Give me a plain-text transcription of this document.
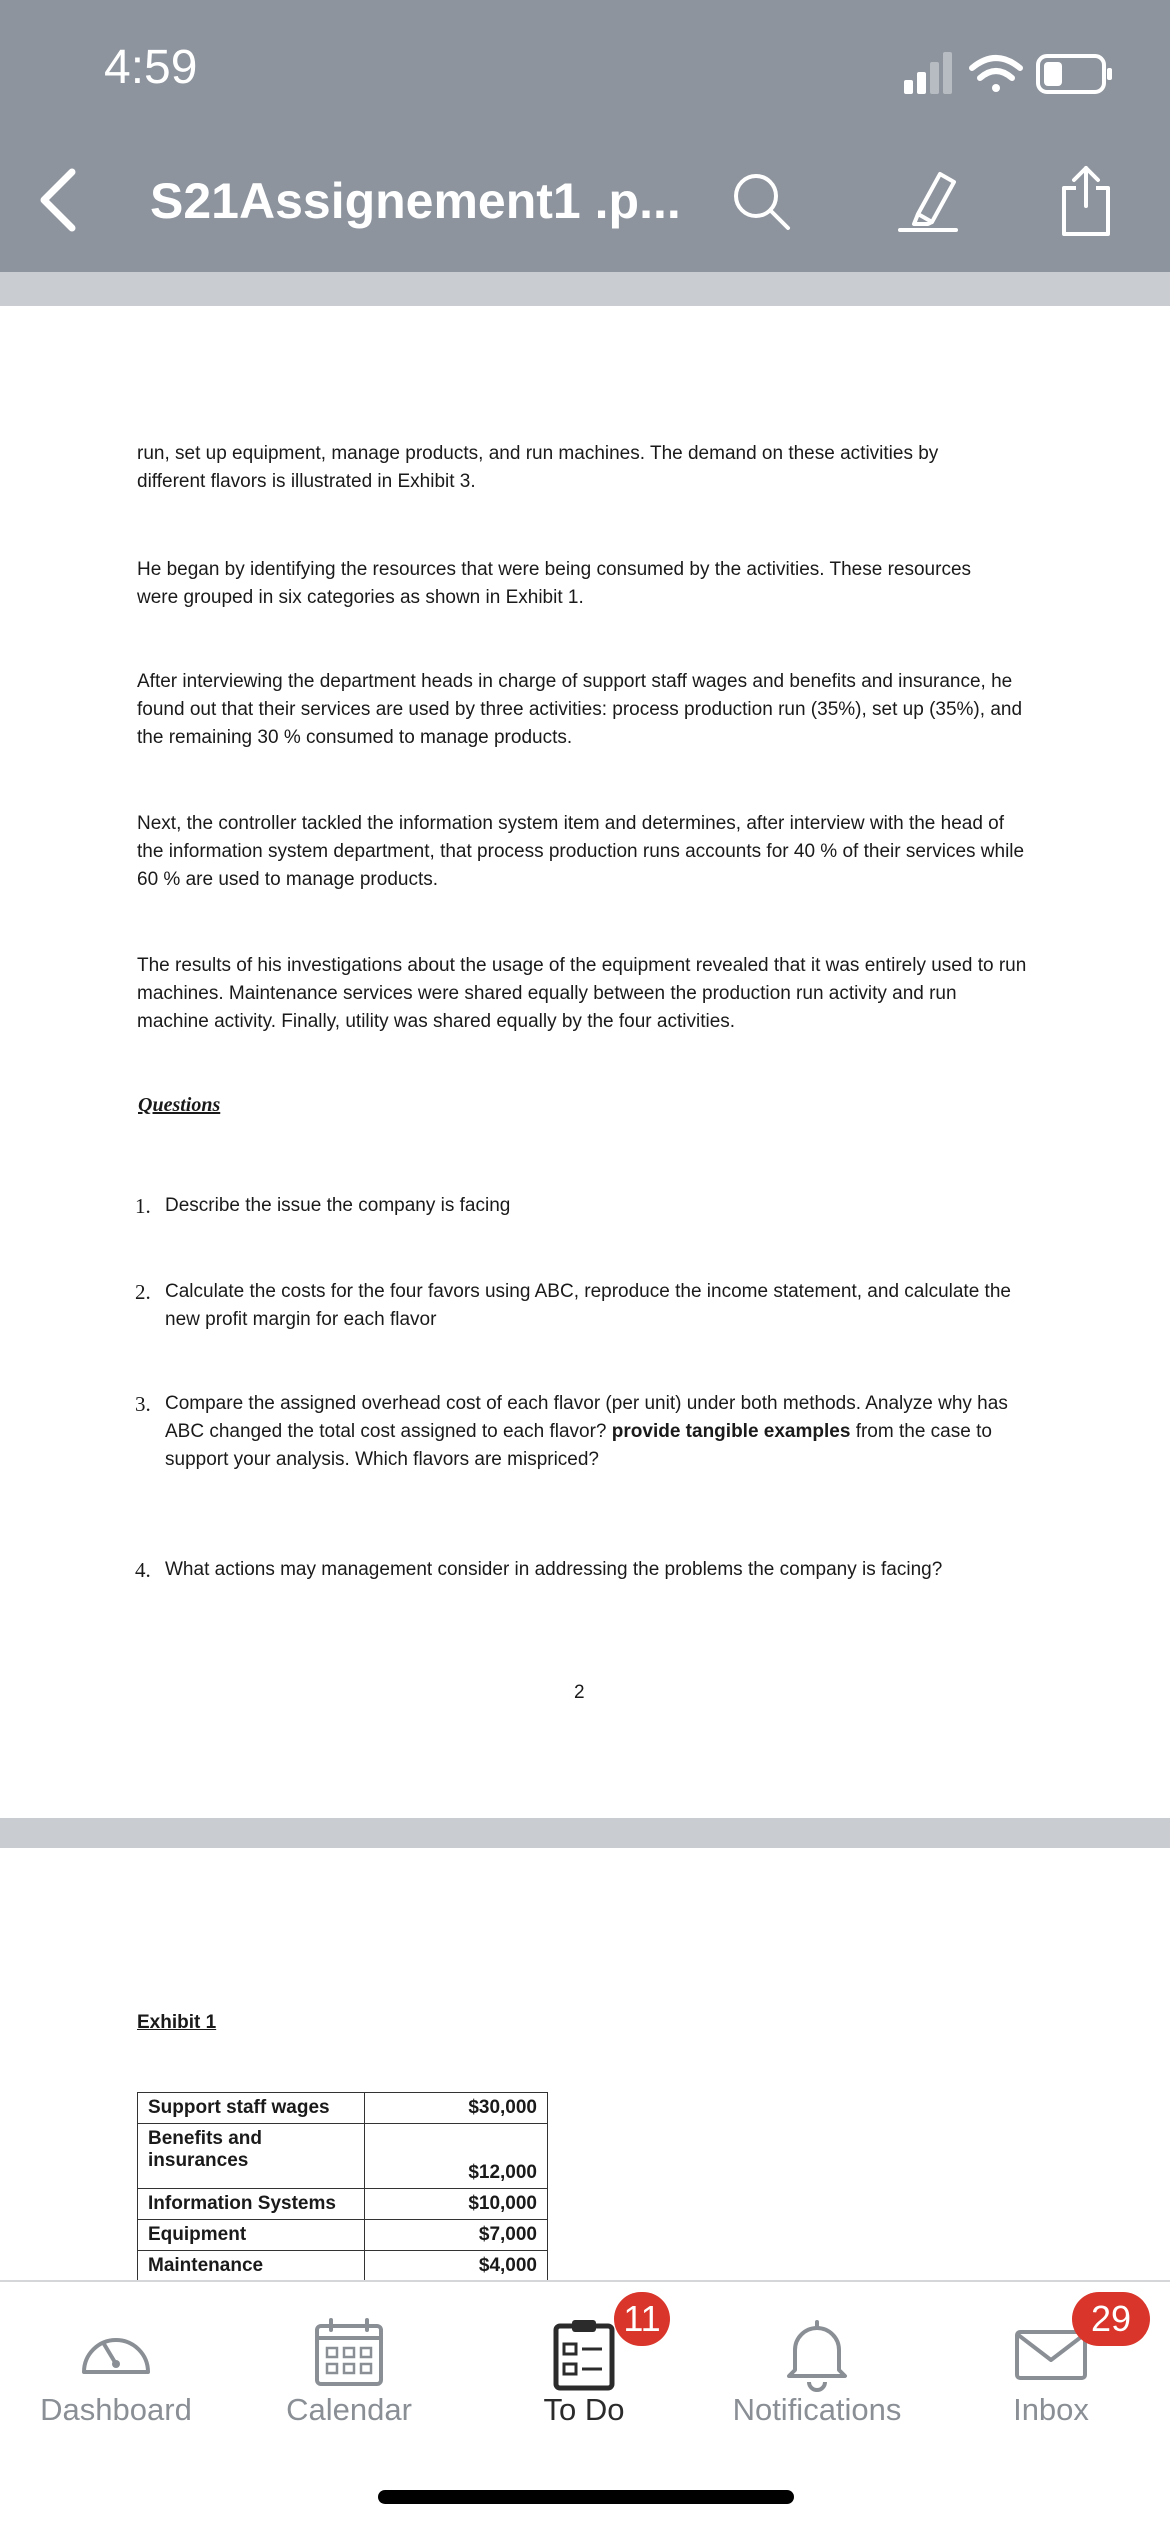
4:59
S21Assignement1 .p...

run, set up equipment, manage products, and run machines. The demand on these activities by different flavors is illustrated in Exhibit 3.

He began by identifying the resources that were being consumed by the activities. These resources were grouped in six categories as shown in Exhibit 1.

After interviewing the department heads in charge of support staff wages and benefits and insurance, he found out that their services are used by three activities: process production run (35%), set up (35%), and the remaining 30 % consumed to manage products.

Next, the controller tackled the information system item and determines, after interview with the head of the information system department, that process production runs accounts for 40 % of their services while 60 % are used to manage products.

The results of his investigations about the usage of the equipment revealed that it was entirely used to run machines. Maintenance services were shared equally between the production run activity and run machine activity. Finally, utility was shared equally by the four activities.

Questions
1. Describe the issue the company is facing
2. Calculate the costs for the four favors using ABC, reproduce the income statement, and calculate the new profit margin for each flavor
3. Compare the assigned overhead cost of each flavor (per unit) under both methods. Analyze why has ABC changed the total cost assigned to each flavor? provide tangible examples from the case to support your analysis. Which flavors are mispriced?
4. What actions may management consider in addressing the problems the company is facing?
2
Exhibit 1
Support staff wages	$30,000
Benefits and insurances	$12,000
Information Systems	$10,000
Equipment	$7,000
Maintenance	$4,000
Dashboard	Calendar	To Do
11
Notifications	Inbox
29
